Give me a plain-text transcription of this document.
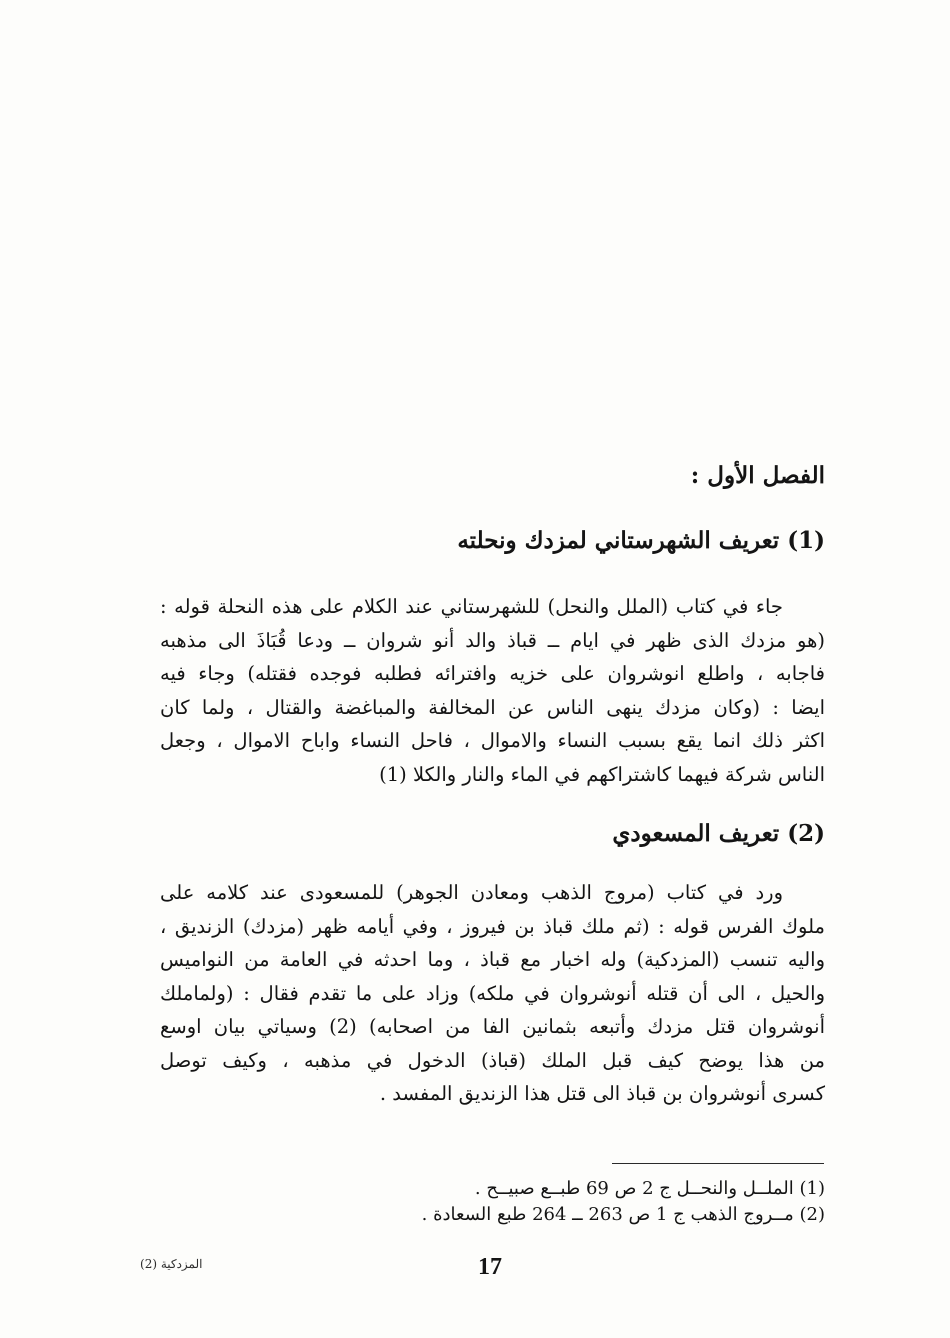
الفصل الأول :
(1) تعريف الشهرستاني لمزدك ونحلته
جاء في كتاب (الملل والنحل) للشهرستاني عند الكلام على هذه النحلة قوله :
(هو مزدك الذى ظهر في ايام ــ قباذ والد أنو شروان ــ ودعا قُبَاذَ الى مذهبه
فاجابه ، واطلع انوشروان على خزيه وافترائه فطلبه فوجده فقتله) وجاء فيه
ايضا : (وكان مزدك ينهى الناس عن المخالفة والمباغضة والقتال ، ولما كان
اكثر ذلك انما يقع بسبب النساء والاموال ، فاحل النساء واباح الاموال ، وجعل
الناس شركة فيهما كاشتراكهم في الماء والنار والكلا (1)
(2) تعريف المسعودي
ورد في كتاب (مروج الذهب ومعادن الجوهر) للمسعودى عند كلامه على
ملوك الفرس قوله : (ثم ملك قباذ بن فيروز ، وفي أيامه ظهر (مزدك) الزنديق ،
واليه تنسب (المزدكية) وله اخبار مع قباذ ، وما احدثه في العامة من النواميس
والحيل ، الى أن قتله أنوشروان في ملكه) وزاد على ما تقدم فقال : (ولماملك
أنوشروان قتل مزدك وأتبعه بثمانين الفا من اصحابه) (2) وسياتي بيان اوسع
من هذا يوضح كيف قبل الملك (قباذ) الدخول في مذهبه ، وكيف توصل
كسرى أنوشروان بن قباذ الى قتل هذا الزنديق المفسد .
(1) الملــل والنحــل ج 2 ص 69 طبــع صبيــح .
(2) مــروج الذهب ج 1 ص 263 ــ 264 طبع السعادة .
17
المزدكية (2)
